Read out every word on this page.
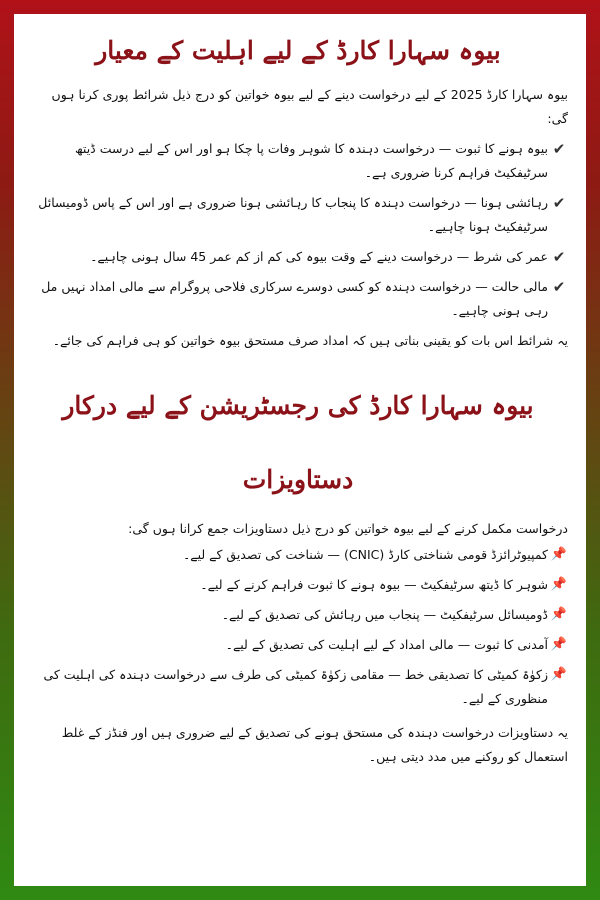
بیوہ سہارا کارڈ کے لیے اہلیت کے معیار

بیوہ سہارا کارڈ 2025 کے لیے درخواست دینے کے لیے بیوہ خواتین کو درج ذیل شرائط پوری کرنا ہوں گی:

✔
بیوہ ہونے کا ثبوت — درخواست دہندہ کا شوہر وفات پا چکا ہو اور اس کے لیے درست ڈیتھ سرٹیفکیٹ فراہم کرنا ضروری ہے۔
✔
رہائشی ہونا — درخواست دہندہ کا پنجاب کا رہائشی ہونا ضروری ہے اور اس کے پاس ڈومیسائل سرٹیفکیٹ ہونا چاہیے۔
✔
عمر کی شرط — درخواست دینے کے وقت بیوہ کی کم از کم عمر 45 سال ہونی چاہیے۔
✔
مالی حالت — درخواست دہندہ کو کسی دوسرے سرکاری فلاحی پروگرام سے مالی امداد نہیں مل رہی ہونی چاہیے۔

یہ شرائط اس بات کو یقینی بناتی ہیں کہ امداد صرف مستحق بیوہ خواتین کو ہی فراہم کی جائے۔

بیوہ سہارا کارڈ کی رجسٹریشن کے لیے درکار دستاویزات

درخواست مکمل کرنے کے لیے بیوہ خواتین کو درج ذیل دستاویزات جمع کرانا ہوں گی:

📌
کمپیوٹرائزڈ قومی شناختی کارڈ (CNIC) — شناخت کی تصدیق کے لیے۔
📌
شوہر کا ڈیتھ سرٹیفکیٹ — بیوہ ہونے کا ثبوت فراہم کرنے کے لیے۔
📌
ڈومیسائل سرٹیفکیٹ — پنجاب میں رہائش کی تصدیق کے لیے۔
📌
آمدنی کا ثبوت — مالی امداد کے لیے اہلیت کی تصدیق کے لیے۔
📌
زکوٰۃ کمیٹی کا تصدیقی خط — مقامی زکوٰۃ کمیٹی کی طرف سے درخواست دہندہ کی اہلیت کی منظوری کے لیے۔

یہ دستاویزات درخواست دہندہ کی مستحق ہونے کی تصدیق کے لیے ضروری ہیں اور فنڈز کے غلط استعمال کو روکنے میں مدد دیتی ہیں۔
